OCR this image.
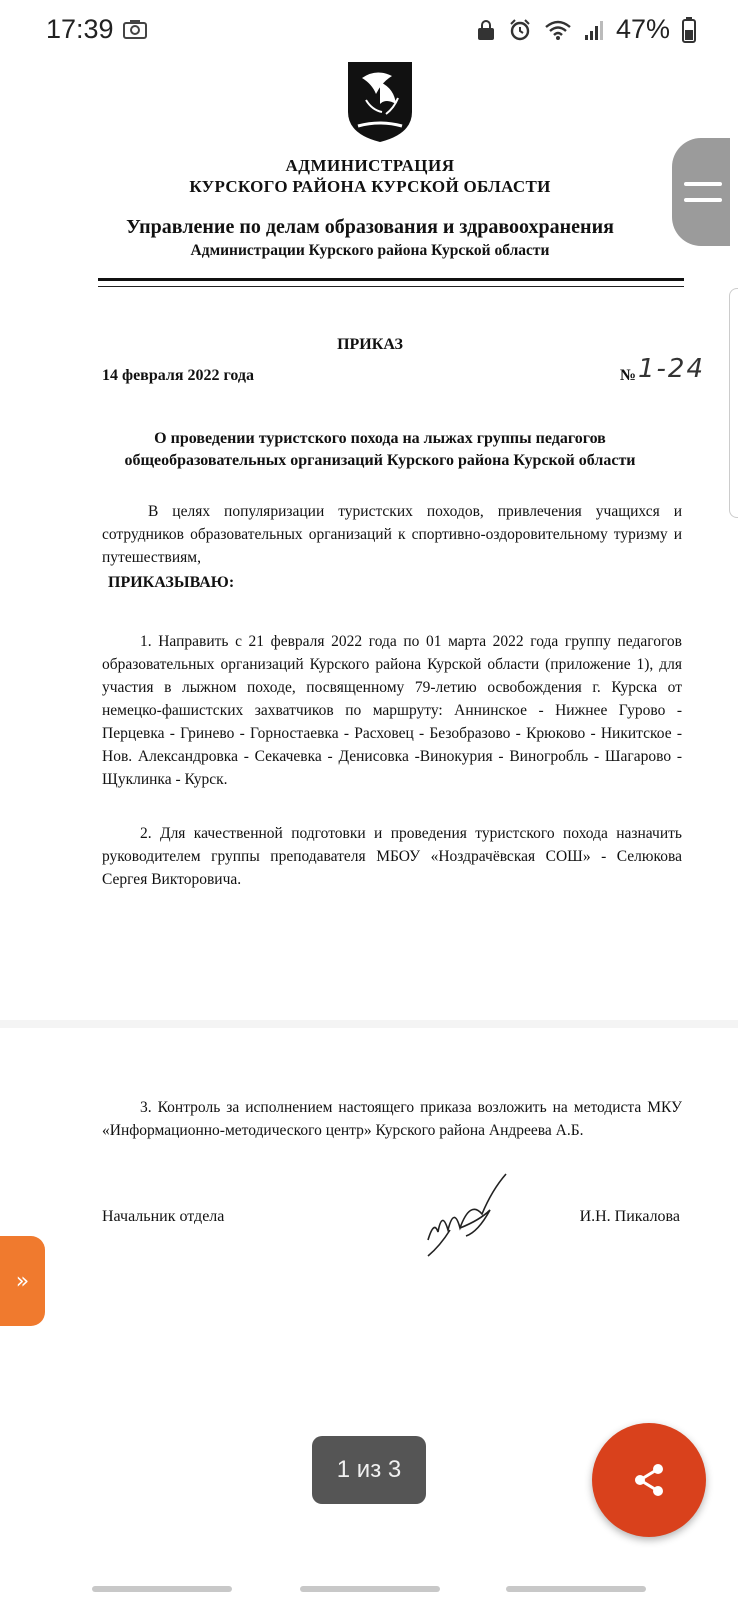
17:39	47%
АДМИНИСТРАЦИЯ
КУРСКОГО РАЙОНА КУРСКОЙ ОБЛАСТИ
Управление по делам образования и здравоохранения
Администрации Курского района Курской области
ПРИКАЗ
14 февраля 2022 года	№ 1-24
О проведении туристского похода на лыжах группы педагогов общеобразовательных организаций Курского района Курской области
В целях популяризации туристских походов, привлечения учащихся и сотрудников образовательных организаций к спортивно-оздоровительному туризму и путешествиям,
ПРИКАЗЫВАЮ:
1. Направить с 21 февраля 2022 года по 01 марта 2022 года группу педагогов образовательных организаций Курского района Курской области (приложение 1), для участия в лыжном походе, посвященному 79-летию освобождения г. Курска от немецко-фашистских захватчиков по маршруту: Аннинское - Нижнее Гурово - Перцевка - Гринево - Горностаевка - Расховец - Безобразово - Крюково - Никитское - Нов. Александровка - Секачевка - Денисовка -Винокурия - Виногробль - Шагарово - Щуклинка - Курск.
2. Для качественной подготовки и проведения туристского похода назначить руководителем группы преподавателя МБОУ «Ноздрачёвская СОШ» - Селюкова Сергея Викторовича.
3. Контроль за исполнением настоящего приказа возложить на методиста МКУ «Информационно-методического центр» Курского района Андреева А.Б.
Начальник отдела	И.Н. Пикалова
»
1 из 3
